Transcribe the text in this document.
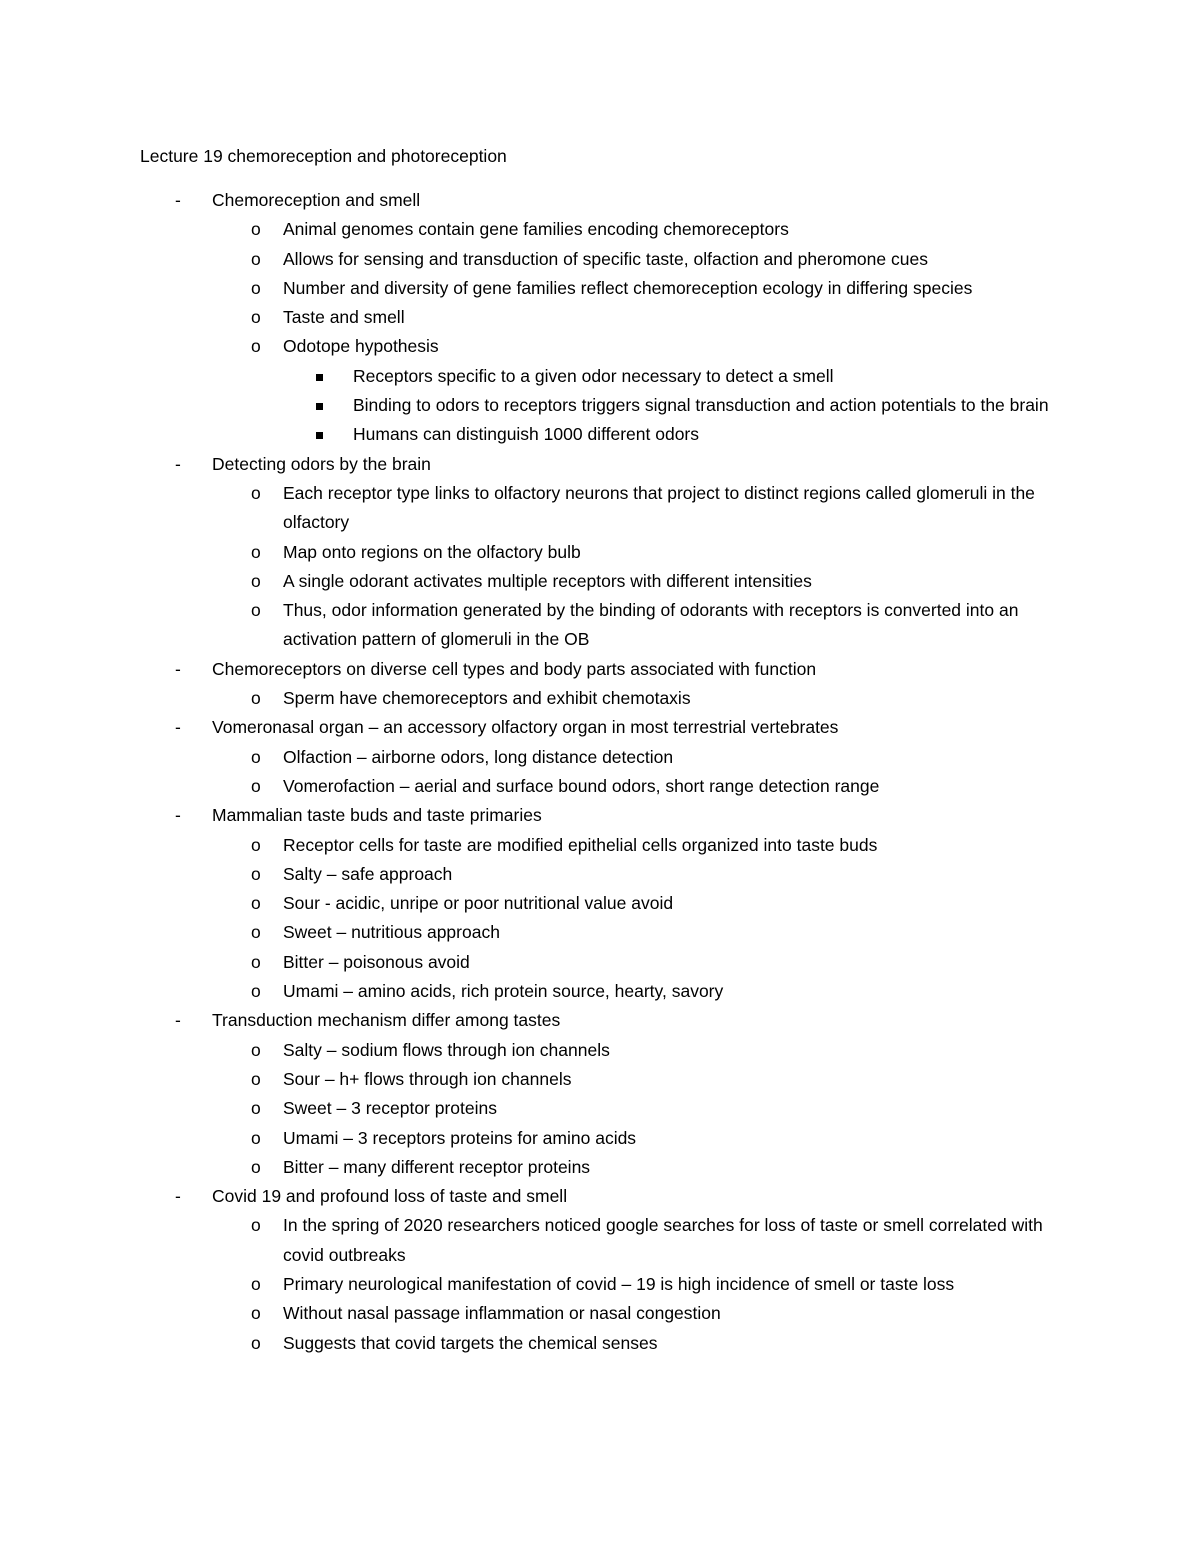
Lecture 19 chemoreception and photoreception
- Chemoreception and smell
o Animal genomes contain gene families encoding chemoreceptors
o Allows for sensing and transduction of specific taste, olfaction and pheromone cues
o Number and diversity of gene families reflect chemoreception ecology in differing species
o Taste and smell
o Odotope hypothesis
Receptors specific to a given odor necessary to detect a smell
Binding to odors to receptors triggers signal transduction and action potentials to the brain
Humans can distinguish 1000 different odors
- Detecting odors by the brain
o Each receptor type links to olfactory neurons that project to distinct regions called glomeruli in the olfactory
o Map onto regions on the olfactory bulb
o A single odorant activates multiple receptors with different intensities
o Thus, odor information generated by the binding of odorants with receptors is converted into an activation pattern of glomeruli in the OB
- Chemoreceptors on diverse cell types and body parts associated with function
o Sperm have chemoreceptors and exhibit chemotaxis
- Vomeronasal organ – an accessory olfactory organ in most terrestrial vertebrates
o Olfaction – airborne odors, long distance detection
o Vomerofaction – aerial and surface bound odors, short range detection range
- Mammalian taste buds and taste primaries
o Receptor cells for taste are modified epithelial cells organized into taste buds
o Salty – safe approach
o Sour - acidic, unripe or poor nutritional value avoid
o Sweet – nutritious approach
o Bitter – poisonous avoid
o Umami – amino acids, rich protein source, hearty, savory
- Transduction mechanism differ among tastes
o Salty – sodium flows through ion channels
o Sour – h+ flows through ion channels
o Sweet – 3 receptor proteins
o Umami – 3 receptors proteins for amino acids
o Bitter – many different receptor proteins
- Covid 19 and profound loss of taste and smell
o In the spring of 2020 researchers noticed google searches for loss of taste or smell correlated with covid outbreaks
o Primary neurological manifestation of covid – 19 is high incidence of smell or taste loss
o Without nasal passage inflammation or nasal congestion
o Suggests that covid targets the chemical senses
